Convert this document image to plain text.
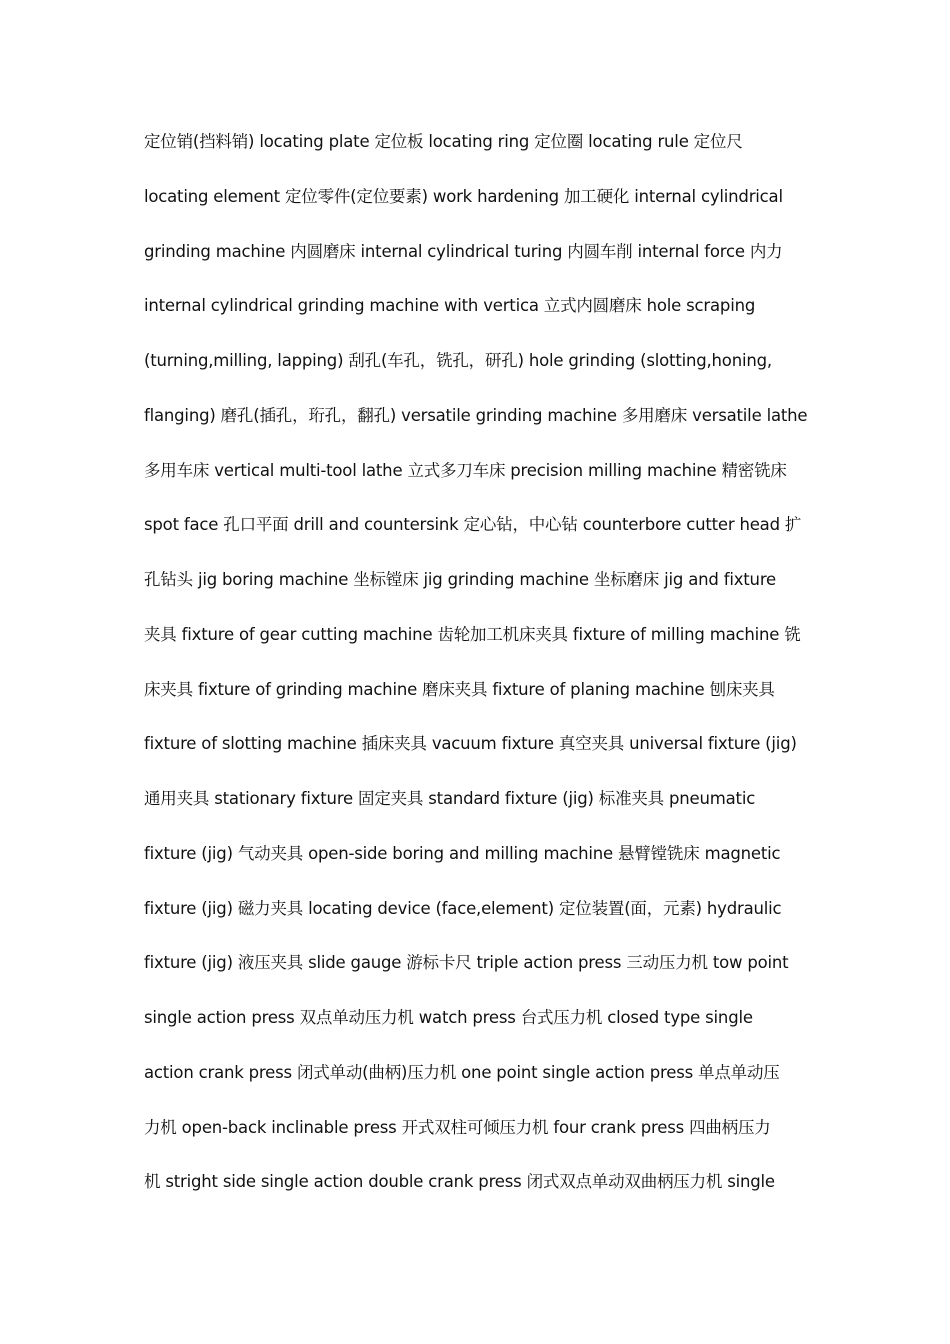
定位销(挡料销) locating plate 定位板 locating ring 定位圈 locating rule 定位尺
locating element 定位零件(定位要素) work hardening 加工硬化 internal cylindrical
grinding machine 内圆磨床 internal cylindrical turing 内圆车削 internal force 内力
internal cylindrical grinding machine with vertica 立式内圆磨床 hole scraping
(turning,milling, lapping) 刮孔(车孔，铣孔，研孔) hole grinding (slotting,honing,
flanging) 磨孔(插孔，珩孔，翻孔) versatile grinding machine 多用磨床 versatile lathe
多用车床 vertical multi-tool lathe 立式多刀车床 precision milling machine 精密铣床
spot face 孔口平面 drill and countersink 定心钻，中心钻 counterbore cutter head 扩
孔钻头 jig boring machine 坐标镗床 jig grinding machine 坐标磨床 jig and fixture
夹具 fixture of gear cutting machine 齿轮加工机床夹具 fixture of milling machine 铣
床夹具 fixture of grinding machine 磨床夹具 fixture of planing machine 刨床夹具
fixture of slotting machine 插床夹具 vacuum fixture 真空夹具 universal fixture (jig)
通用夹具 stationary fixture 固定夹具 standard fixture (jig) 标准夹具 pneumatic
fixture (jig) 气动夹具 open-side boring and milling machine 悬臂镗铣床 magnetic
fixture (jig) 磁力夹具 locating device (face,element) 定位装置(面，元素) hydraulic
fixture (jig) 液压夹具 slide gauge 游标卡尺 triple action press 三动压力机 tow point
single action press 双点单动压力机 watch press 台式压力机 closed type single
action crank press 闭式单动(曲柄)压力机 one point single action press 单点单动压
力机 open-back inclinable press 开式双柱可倾压力机 four crank press 四曲柄压力
机 stright side single action double crank press 闭式双点单动双曲柄压力机 single
